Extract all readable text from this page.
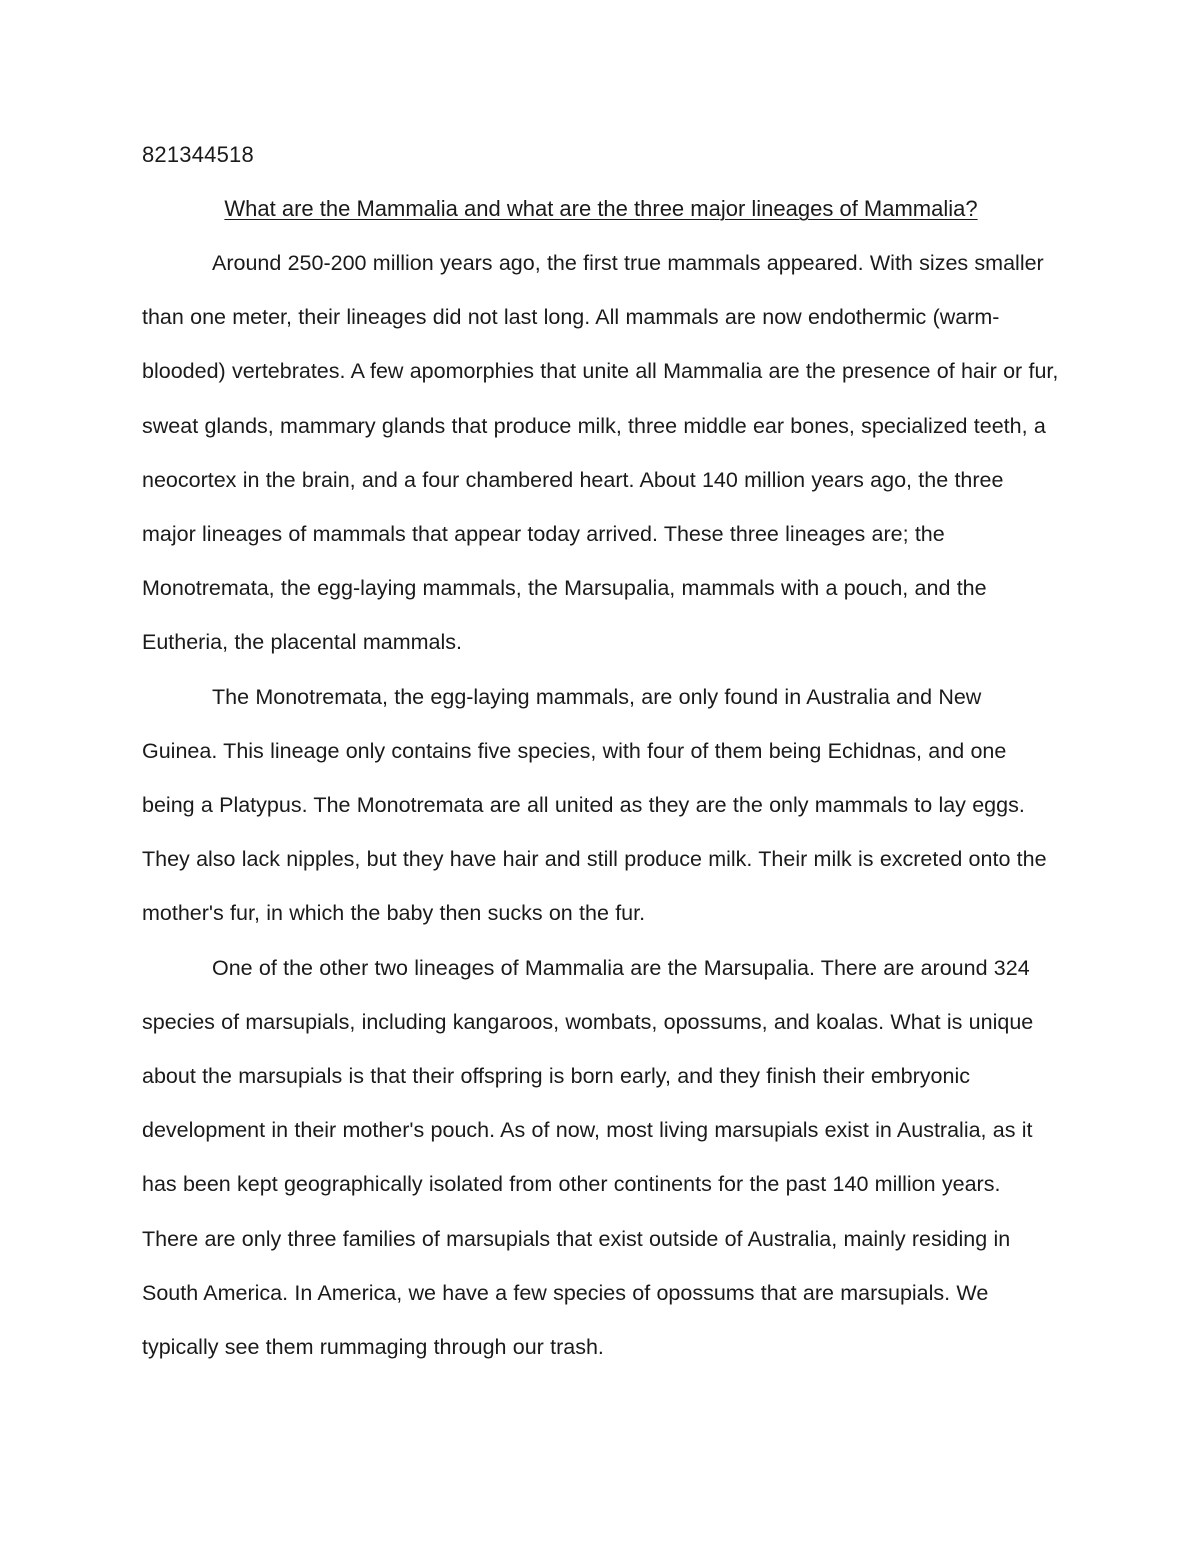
821344518

What are the Mammalia and what are the three major lineages of Mammalia?

Around 250-200 million years ago, the first true mammals appeared. With sizes smaller than one meter, their lineages did not last long. All mammals are now endothermic (warm-blooded) vertebrates. A few apomorphies that unite all Mammalia are the presence of hair or fur, sweat glands, mammary glands that produce milk, three middle ear bones, specialized teeth, a neocortex in the brain, and a four chambered heart. About 140 million years ago, the three major lineages of mammals that appear today arrived. These three lineages are; the Monotremata, the egg-laying mammals, the Marsupalia, mammals with a pouch, and the Eutheria, the placental mammals.

The Monotremata, the egg-laying mammals, are only found in Australia and New Guinea. This lineage only contains five species, with four of them being Echidnas, and one being a Platypus. The Monotremata are all united as they are the only mammals to lay eggs. They also lack nipples, but they have hair and still produce milk. Their milk is excreted onto the mother's fur, in which the baby then sucks on the fur.

One of the other two lineages of Mammalia are the Marsupalia. There are around 324 species of marsupials, including kangaroos, wombats, opossums, and koalas. What is unique about the marsupials is that their offspring is born early, and they finish their embryonic development in their mother's pouch. As of now, most living marsupials exist in Australia, as it has been kept geographically isolated from other continents for the past 140 million years. There are only three families of marsupials that exist outside of Australia, mainly residing in South America. In America, we have a few species of opossums that are marsupials. We typically see them rummaging through our trash.
